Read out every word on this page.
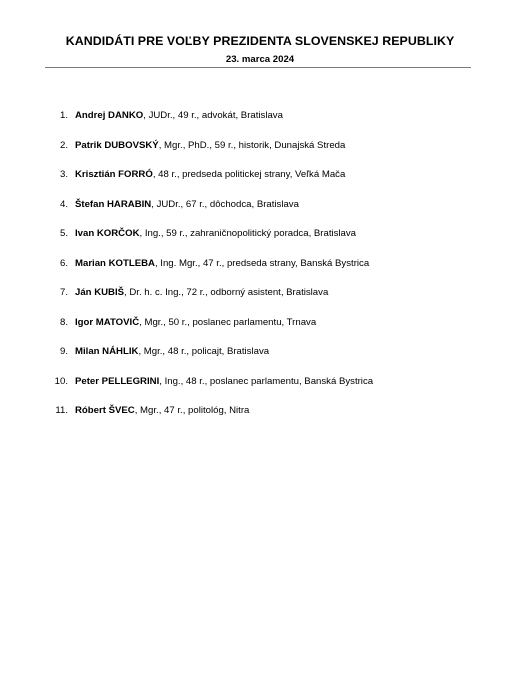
KANDIDÁTI PRE VOĽBY PREZIDENTA SLOVENSKEJ REPUBLIKY
23. marca 2024
1. Andrej DANKO, JUDr., 49 r., advokát, Bratislava
2. Patrik DUBOVSKÝ, Mgr., PhD., 59 r., historik, Dunajská Streda
3. Krisztián FORRÓ, 48 r., predseda politickej strany, Veľká Mača
4. Štefan HARABIN, JUDr., 67 r., dôchodca, Bratislava
5. Ivan KORČOK, Ing., 59 r., zahraničnopolitický poradca, Bratislava
6. Marian KOTLEBA, Ing. Mgr., 47 r., predseda strany, Banská Bystrica
7. Ján KUBIŠ, Dr. h. c. Ing., 72 r., odborný asistent, Bratislava
8. Igor MATOVIČ, Mgr., 50 r., poslanec parlamentu, Trnava
9. Milan NÁHLIK, Mgr., 48 r., policajt, Bratislava
10. Peter PELLEGRINI, Ing., 48 r., poslanec parlamentu, Banská Bystrica
11. Róbert ŠVEC, Mgr., 47 r., politológ, Nitra
